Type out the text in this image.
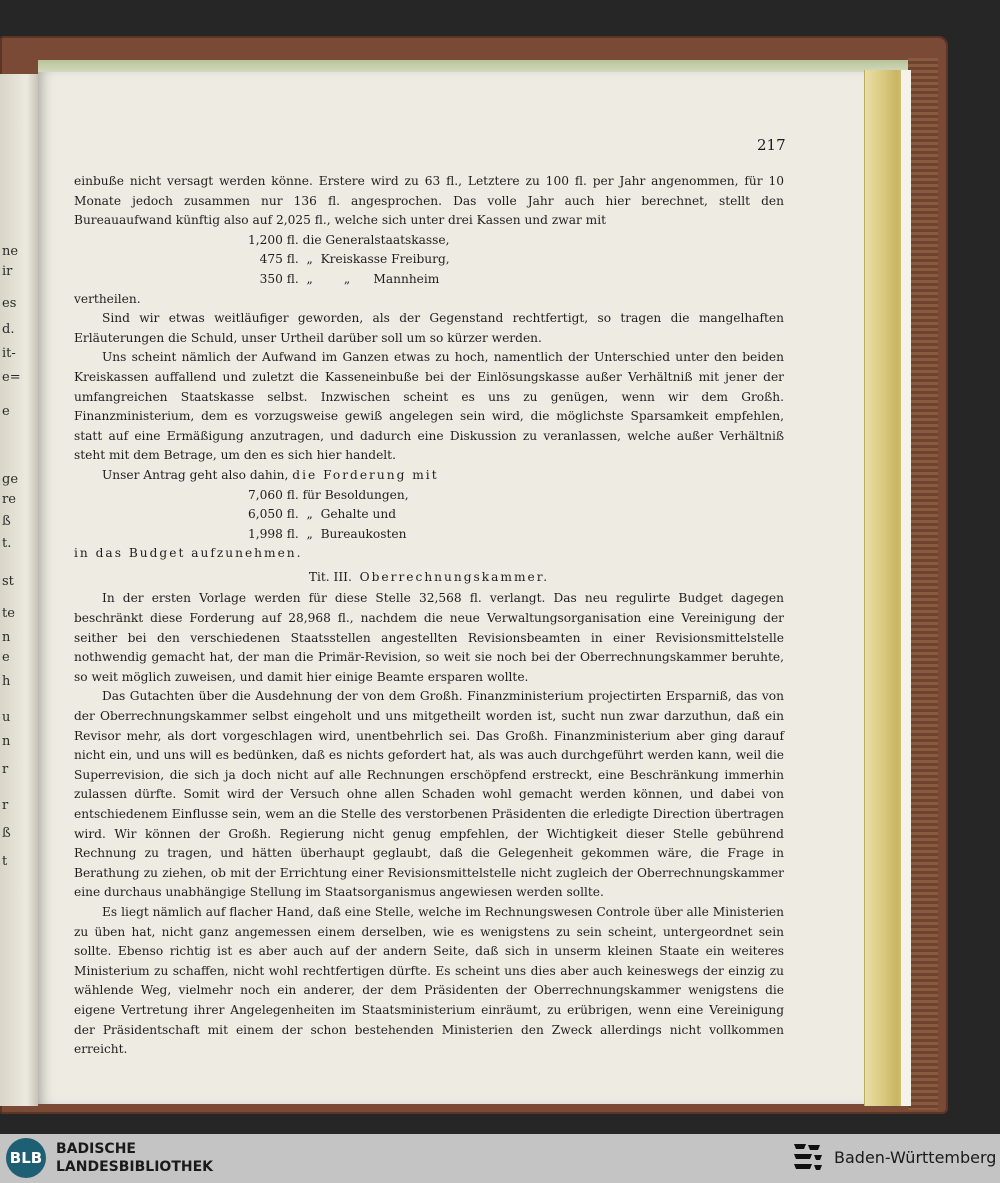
ne
ir
es
d.
it-
e=
e
ge
re
ß
t.
st
te
n
e
h
u
n
r
r
ß
t
217

einbuße nicht versagt werden könne. Erstere wird zu 63 fl., Letztere zu 100 fl. per Jahr angenommen, für 10 Monate jedoch zusammen nur 136 fl. angesprochen. Das volle Jahr auch hier berechnet, stellt den Bureauaufwand künftig also auf 2,025 fl., welche sich unter drei Kassen und zwar mit

1,200 fl. die Generalstaatskasse,

475 fl.  „  Kreiskasse Freiburg,

350 fl.  „        „      Mannheim

vertheilen.

Sind wir etwas weitläufiger geworden, als der Gegenstand rechtfertigt, so tragen die mangelhaften Erläuterungen die Schuld, unser Urtheil darüber soll um so kürzer werden.

Uns scheint nämlich der Aufwand im Ganzen etwas zu hoch, namentlich der Unterschied unter den beiden Kreiskassen auffallend und zuletzt die Kasseneinbuße bei der Einlösungskasse außer Verhältniß mit jener der umfangreichen Staatskasse selbst. Inzwischen scheint es uns zu genügen, wenn wir dem Großh. Finanzministerium, dem es vorzugsweise gewiß angelegen sein wird, die möglichste Sparsamkeit empfehlen, statt auf eine Ermäßigung anzutragen, und dadurch eine Diskussion zu veranlassen, welche außer Verhältniß steht mit dem Betrage, um den es sich hier handelt.

Unser Antrag geht also dahin, die Forderung mit

7,060 fl. für Besoldungen,

6,050 fl.  „  Gehalte und

1,998 fl.  „  Bureaukosten

in das Budget aufzunehmen.

Tit. III. Oberrechnungskammer.

In der ersten Vorlage werden für diese Stelle 32,568 fl. verlangt. Das neu regulirte Budget dagegen beschränkt diese Forderung auf 28,968 fl., nachdem die neue Verwaltungsorganisation eine Vereinigung der seither bei den verschiedenen Staatsstellen angestellten Revisionsbeamten in einer Revisionsmittelstelle nothwendig gemacht hat, der man die Primär-Revision, so weit sie noch bei der Oberrechnungskammer beruhte, so weit möglich zuweisen, und damit hier einige Beamte ersparen wollte.

Das Gutachten über die Ausdehnung der von dem Großh. Finanzministerium projectirten Ersparniß, das von der Oberrechnungskammer selbst eingeholt und uns mitgetheilt worden ist, sucht nun zwar darzuthun, daß ein Revisor mehr, als dort vorgeschlagen wird, unentbehrlich sei. Das Großh. Finanzministerium aber ging darauf nicht ein, und uns will es bedünken, daß es nichts gefordert hat, als was auch durchgeführt werden kann, weil die Superrevision, die sich ja doch nicht auf alle Rechnungen erschöpfend erstreckt, eine Beschränkung immerhin zulassen dürfte. Somit wird der Versuch ohne allen Schaden wohl gemacht werden können, und dabei von entschiedenem Einflusse sein, wem an die Stelle des verstorbenen Präsidenten die erledigte Direction übertragen wird. Wir können der Großh. Regierung nicht genug empfehlen, der Wichtigkeit dieser Stelle gebührend Rechnung zu tragen, und hätten überhaupt geglaubt, daß die Gelegenheit gekommen wäre, die Frage in Berathung zu ziehen, ob mit der Errichtung einer Revisionsmittelstelle nicht zugleich der Oberrechnungskammer eine durchaus unabhängige Stellung im Staatsorganismus angewiesen werden sollte.

Es liegt nämlich auf flacher Hand, daß eine Stelle, welche im Rechnungswesen Controle über alle Ministerien zu üben hat, nicht ganz angemessen einem derselben, wie es wenigstens zu sein scheint, untergeordnet sein sollte. Ebenso richtig ist es aber auch auf der andern Seite, daß sich in unserm kleinen Staate ein weiteres Ministerium zu schaffen, nicht wohl rechtfertigen dürfte. Es scheint uns dies aber auch keineswegs der einzig zu wählende Weg, vielmehr noch ein anderer, der dem Präsidenten der Oberrechnungskammer wenigstens die eigene Vertretung ihrer Angelegenheiten im Staatsministerium einräumt, zu erübrigen, wenn eine Vereinigung der Präsidentschaft mit einem der schon bestehenden Ministerien den Zweck allerdings nicht vollkommen erreicht.

BLB BADISCHE
LANDESBIBLIOTHEK	Baden-Württemberg
